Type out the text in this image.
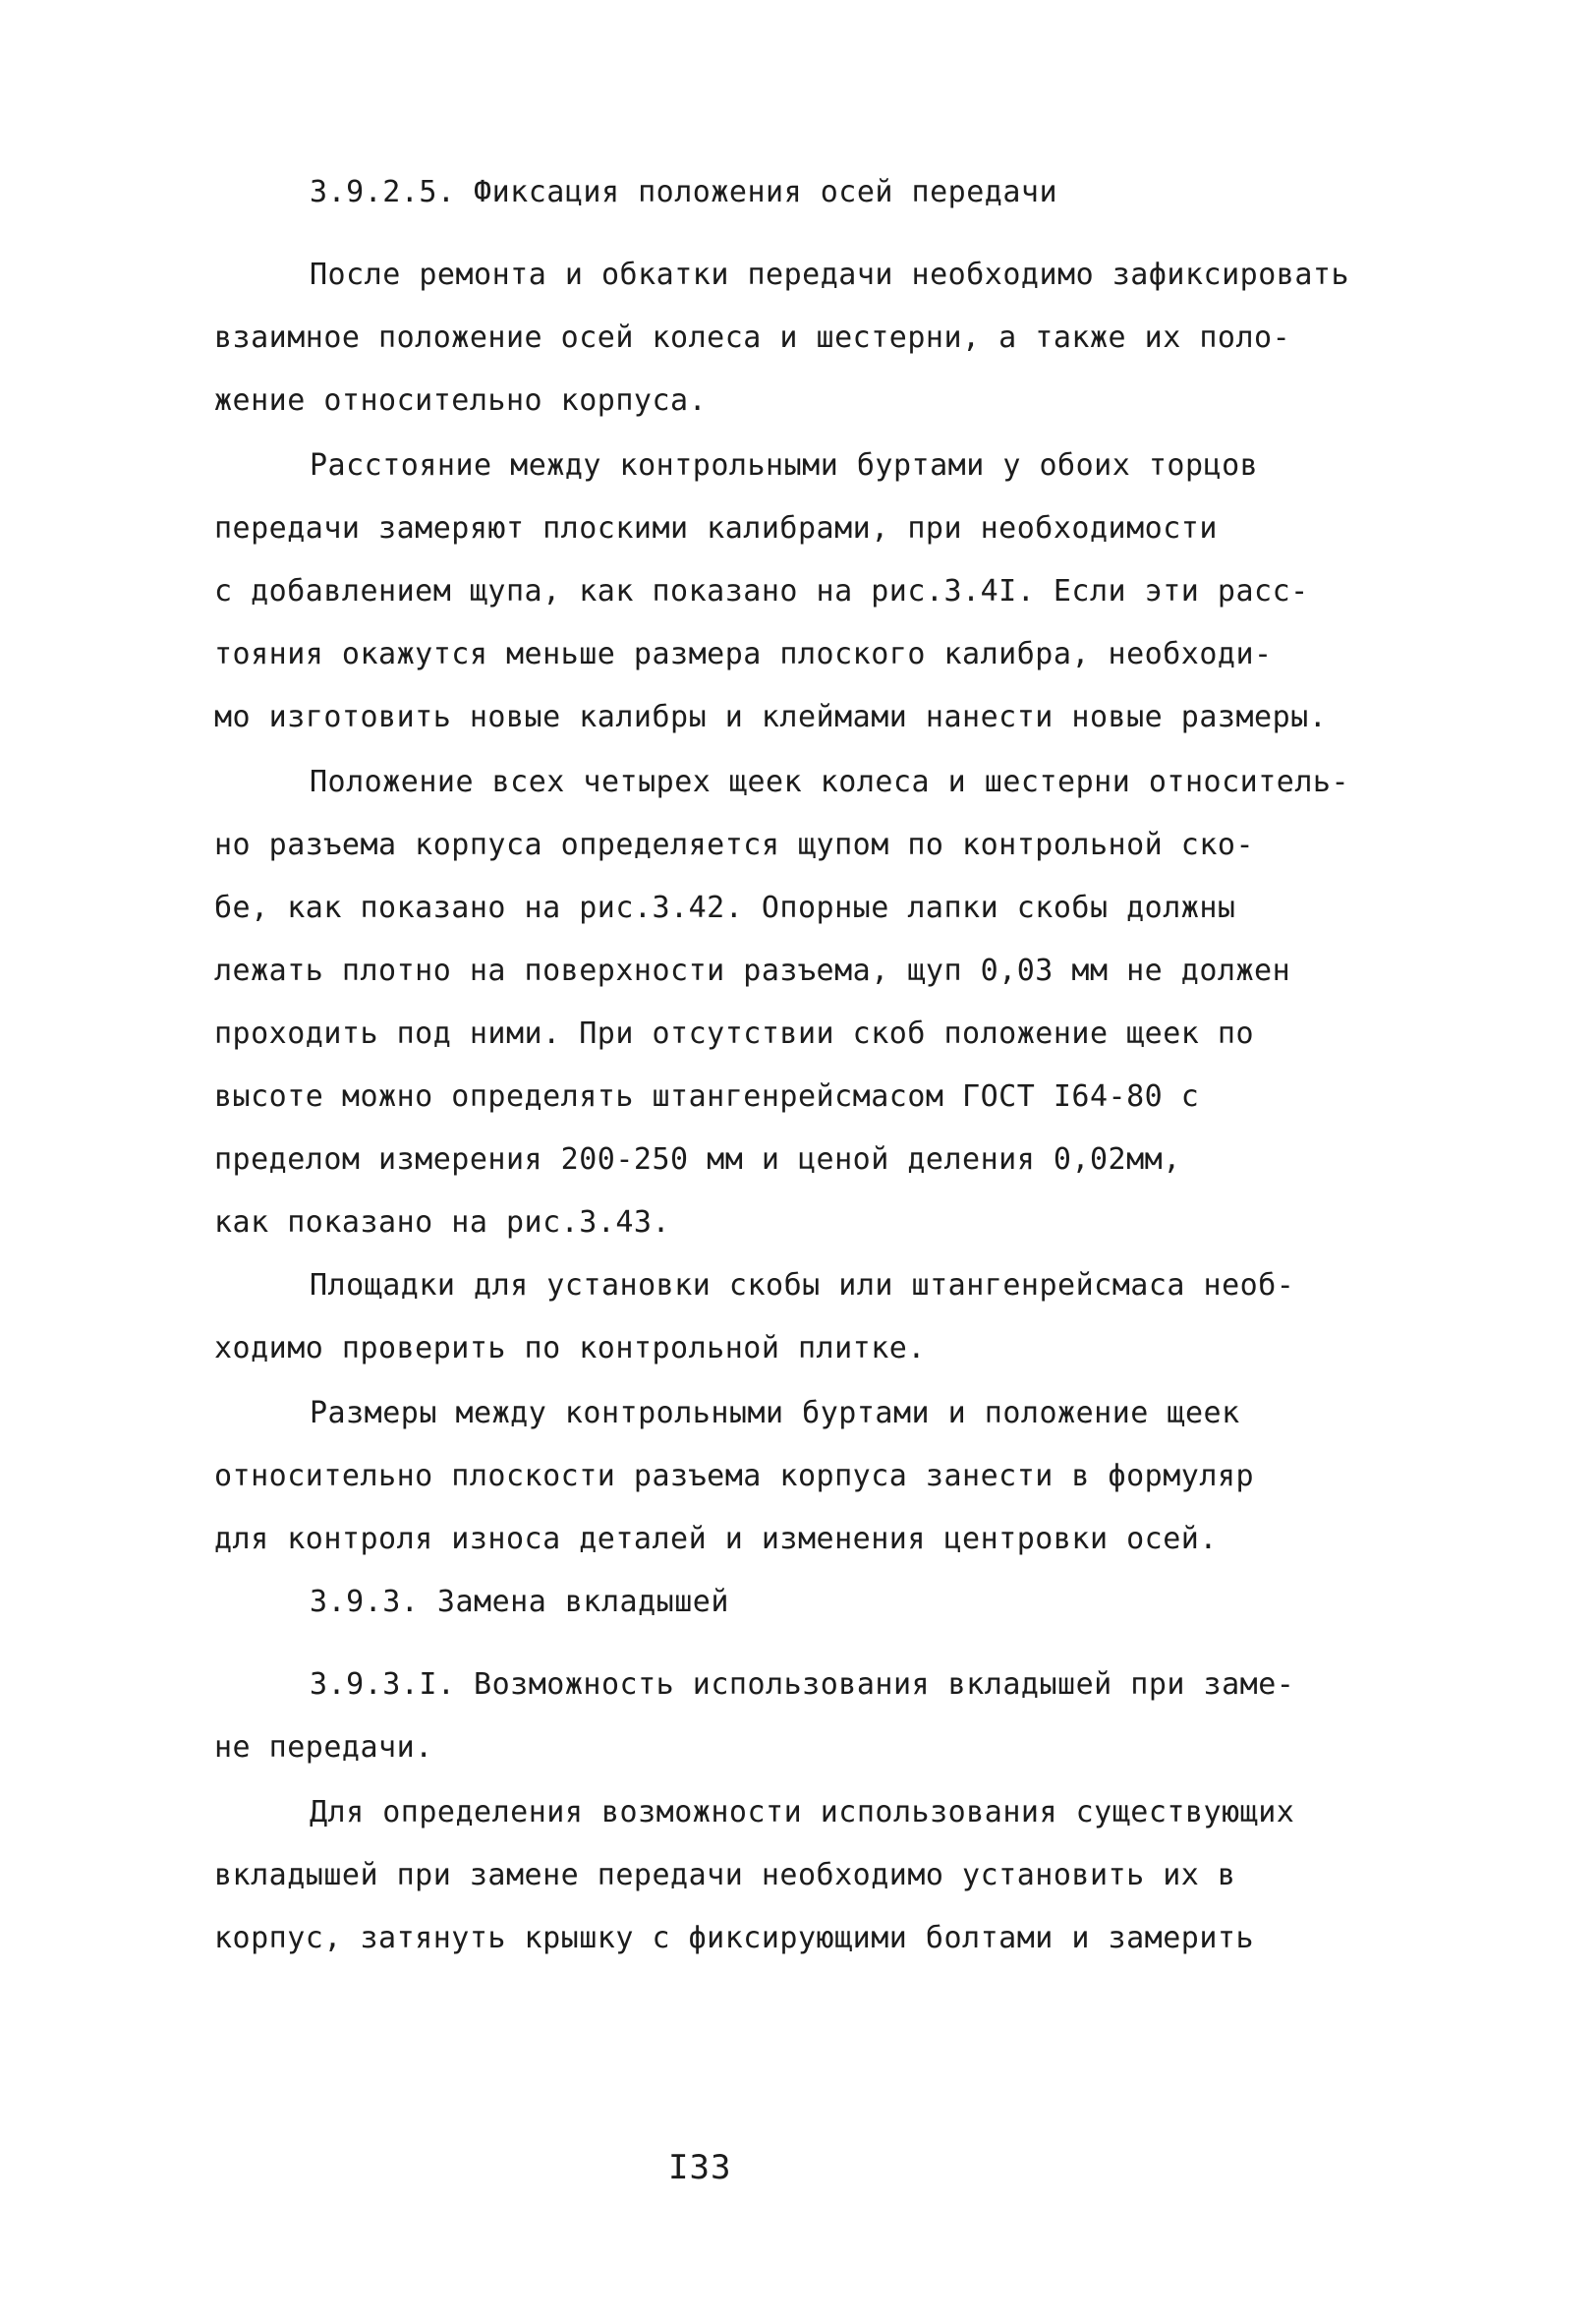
3.9.2.5. Фиксация положения осей передачи
После ремонта и обкатки передачи необходимо зафиксировать
взаимное положение осей колеса и шестерни, а также их поло-
жение относительно корпуса.
Расстояние между контрольными буртами у обоих торцов
передачи замеряют плоскими калибрами, при необходимости
с добавлением щупа, как показано на рис.3.4I. Если эти расс-
тояния окажутся меньше размера плоского калибра, необходи-
мо изготовить новые калибры и клеймами нанести новые размеры.
Положение всех четырех щеек колеса и шестерни относитель-
но разъема корпуса определяется щупом по контрольной ско-
бе, как показано на рис.3.42. Опорные лапки скобы должны
лежать плотно на поверхности разъема, щуп 0,03 мм не должен
проходить под ними. При отсутствии скоб положение щеек по
высоте можно определять штангенрейсмасом ГОСТ I64-80 с
пределом измерения 200-250 мм и ценой деления 0,02мм,
как показано на рис.3.43.
Площадки для установки скобы или штангенрейсмаса необ-
ходимо проверить по контрольной плитке.
Размеры между контрольными буртами и положение щеек
относительно плоскости разъема корпуса занести в формуляр
для контроля износа деталей и изменения центровки осей.
3.9.3. Замена вкладышей
3.9.3.I. Возможность использования вкладышей при заме-
не передачи.
Для определения возможности использования существующих
вкладышей при замене передачи необходимо установить их в
корпус, затянуть крышку с фиксирующими болтами и замерить
I33
